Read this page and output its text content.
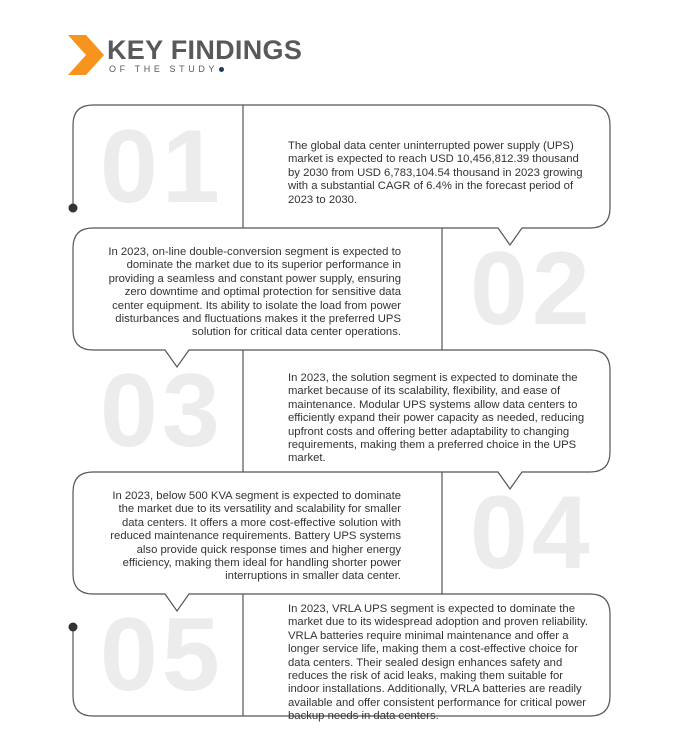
KEY FINDINGS
OF THE STUDY
01	The global data center uninterrupted power supply (UPS) market is expected to reach USD 10,456,812.39 thousand by 2030 from USD 6,783,104.54 thousand in 2023 growing with a substantial CAGR of 6.4% in the forecast period of 2023 to 2030.
In 2023, on-line double-conversion segment is expected to dominate the market due to its superior performance in providing a seamless and constant power supply, ensuring zero downtime and optimal protection for sensitive data center equipment. Its ability to isolate the load from power disturbances and fluctuations makes it the preferred UPS solution for critical data center operations. 02
03	In 2023, the solution segment is expected to dominate the market because of its scalability, flexibility, and ease of maintenance. Modular UPS systems allow data centers to efficiently expand their power capacity as needed, reducing upfront costs and offering better adaptability to changing requirements, making them a preferred choice in the UPS market.
In 2023, below 500 KVA segment is expected to dominate the market due to its versatility and scalability for smaller data centers. It offers a more cost-effective solution with reduced maintenance requirements. Battery UPS systems also provide quick response times and higher energy efficiency, making them ideal for handling shorter power interruptions in smaller data center. 04
05	In 2023, VRLA UPS segment is expected to dominate the market due to its widespread adoption and proven reliability. VRLA batteries require minimal maintenance and offer a longer service life, making them a cost-effective choice for data centers. Their sealed design enhances safety and reduces the risk of acid leaks, making them suitable for indoor installations. Additionally, VRLA batteries are readily available and offer consistent performance for critical power backup needs in data centers.
